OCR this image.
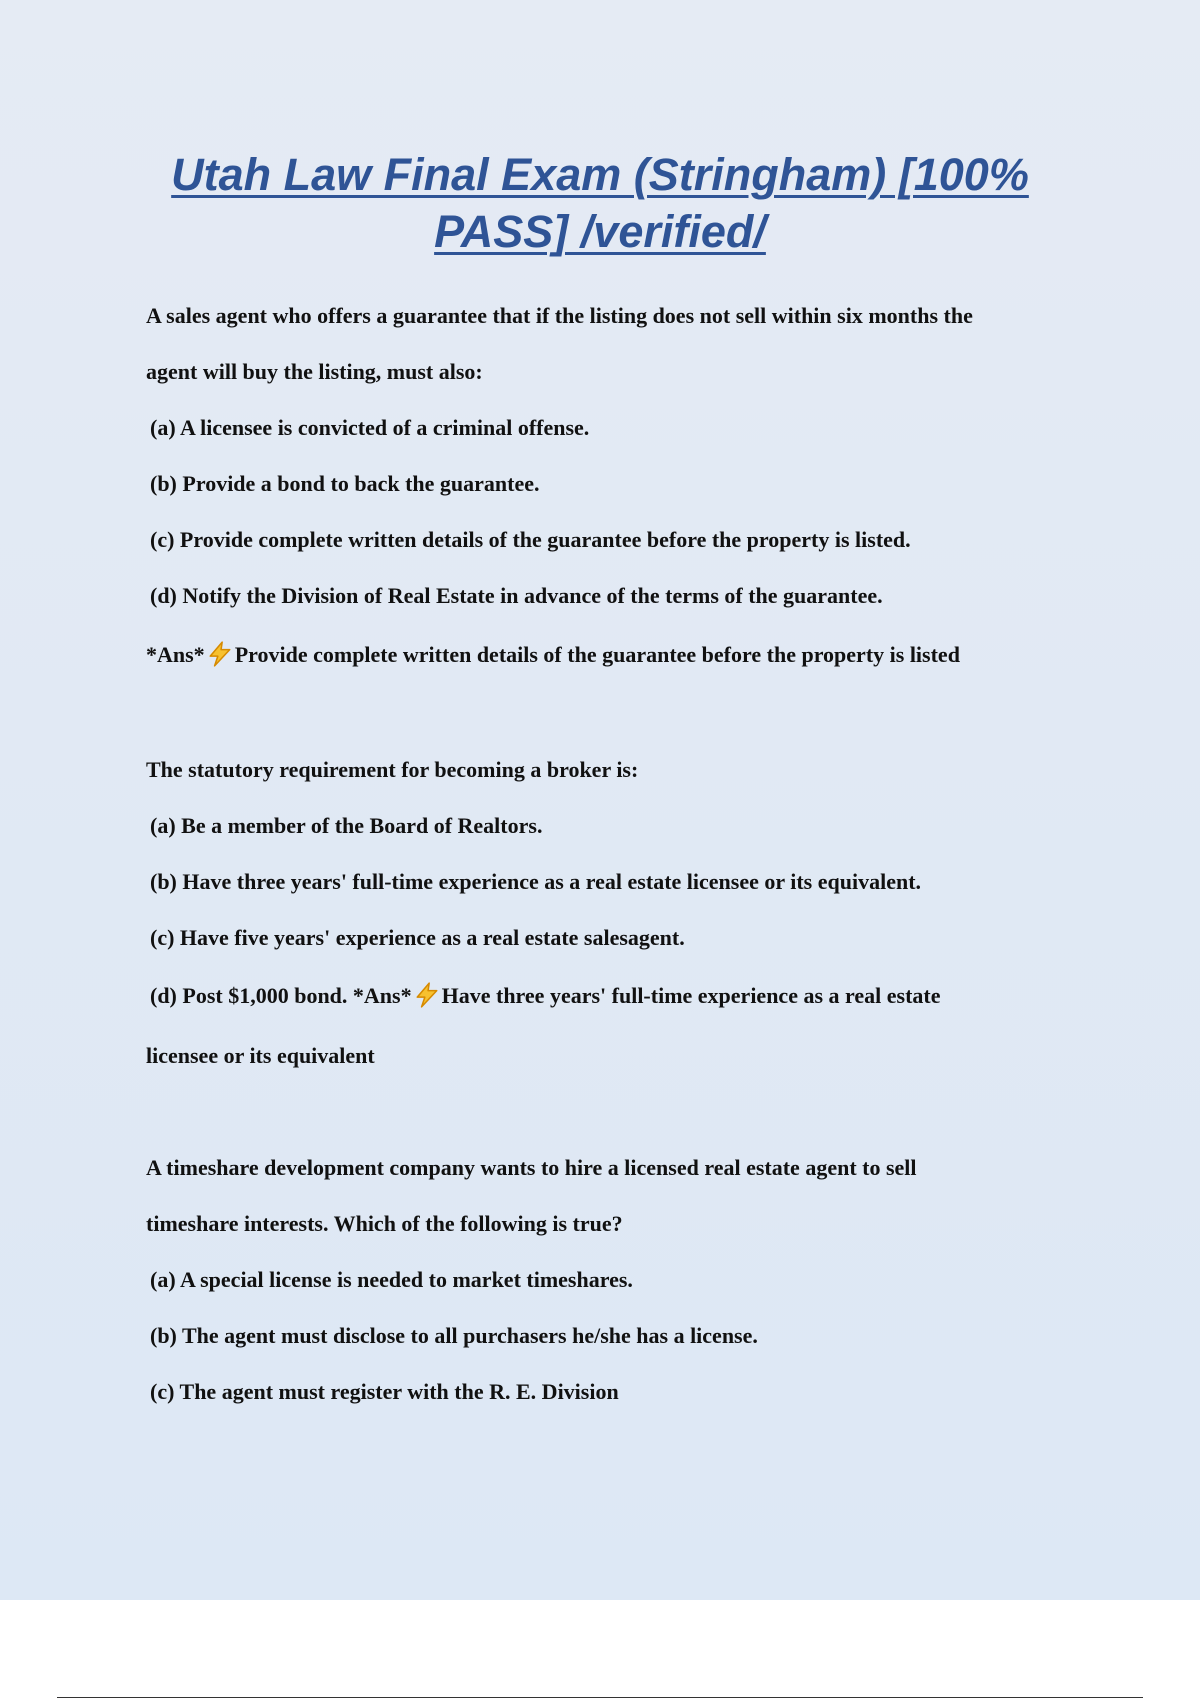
Utah Law Final Exam (Stringham) [100% PASS] /verified/

A sales agent who offers a guarantee that if the listing does not sell within six months the

agent will buy the listing, must also:

(a) A licensee is convicted of a criminal offense.

(b) Provide a bond to back the guarantee.

(c) Provide complete written details of the guarantee before the property is listed.

(d) Notify the Division of Real Estate in advance of the terms of the guarantee.

*Ans* Provide complete written details of the guarantee before the property is listed

The statutory requirement for becoming a broker is:

(a) Be a member of the Board of Realtors.

(b) Have three years' full-time experience as a real estate licensee or its equivalent.

(c) Have five years' experience as a real estate salesagent.

(d) Post $1,000 bond. *Ans* Have three years' full-time experience as a real estate

licensee or its equivalent

A timeshare development company wants to hire a licensed real estate agent to sell

timeshare interests. Which of the following is true?

(a) A special license is needed to market timeshares.

(b) The agent must disclose to all purchasers he/she has a license.

(c) The agent must register with the R. E. Division
